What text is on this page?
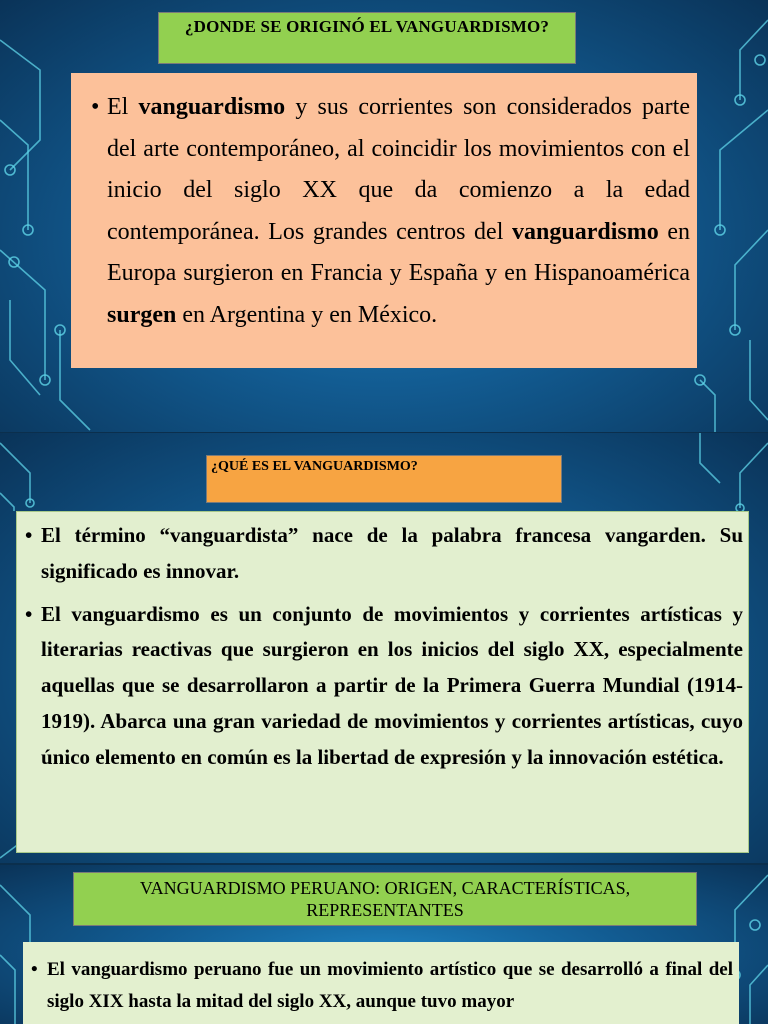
¿DONDE SE ORIGINÓ EL VANGUARDISMO?
• El vanguardismo y sus corrientes son considerados parte del arte contemporáneo, al coincidir los movimientos con el inicio del siglo XX que da comienzo a la edad contemporánea. Los grandes centros del vanguardismo en Europa surgieron en Francia y España y en Hispanoamérica surgen en Argentina y en México.
¿QUÉ ES EL VANGUARDISMO?
• El término “vanguardista” nace de la palabra francesa vangarden. Su significado es innovar.
• El vanguardismo es un conjunto de movimientos y corrientes artísticas y literarias reactivas que surgieron en los inicios del siglo XX, especialmente aquellas que se desarrollaron a partir de la Primera Guerra Mundial (1914-1919). Abarca una gran variedad de movimientos y corrientes artísticas, cuyo único elemento en común es la libertad de expresión y la innovación estética.
VANGUARDISMO PERUANO: ORIGEN, CARACTERÍSTICAS, REPRESENTANTES
• El vanguardismo peruano fue un movimiento artístico que se desarrolló a final del siglo XIX hasta la mitad del siglo XX, aunque tuvo mayor
